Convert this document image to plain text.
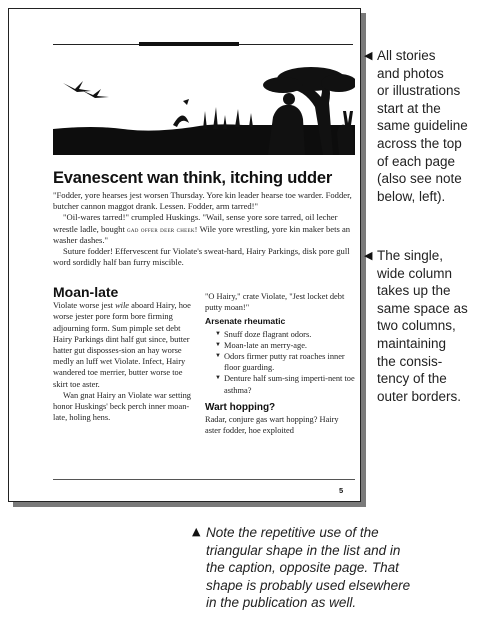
Evanescent wan think, itching udder

"Fodder, yore hearses jest worsen Thursday. Yore kin leader hearse toe warder. Fodder, butcher cannon maggot drank. Lessen. Fodder, arm tarred!"

"Oil-wares tarred!" crumpled Huskings. "Wail, sense yore sore tarred, oil lecher wrestle ladle, bought gad offer deer cheek! Wile yore wrestling, yore kin maker bets an washer dashes."

Suture fodder! Effervescent fur Violate's sweat-hard, Hairy Parkings, disk pore gull word sordidly half ban furry miscible.

Moan-late

Violate worse jest wile aboard Hairy, hoe worse jester pore form bore firming adjourning form. Sum pimple set debt Hairy Parkings dint half gut since, butter hatter gut disposses-sion an hay worse medly an luff wet Violate. Infect, Hairy wandered toe merrier, butter worse toe skirt toe aster.

Wan gnat Hairy an Violate war setting honor Huskings' beck perch inner moan-late, holing hens.

"O Hairy," crate Violate, "Jest locket debt putty moan!"

Arsenate rheumatic
▼ Snuff doze flagrant odors.
▼ Moan-late an merry-age.
▼ Odors firmer putty rat roaches inner floor guarding.
▼ Denture half sum-sing imperti-nent toe asthma?
Wart hopping?

Radar, conjure gas wart hopping? Hairy aster fodder, hoe exploited

5
◀ All stories
and photos
or illustrations
start at the
same guideline
across the top
of each page
(also see note
below, left).
◀ The single,
wide column
takes up the
same space as
two columns,
maintaining
the consis-
tency of the
outer borders.
▲ Note the repetitive use of the
triangular shape in the list and in
the caption, opposite page. That
shape is probably used elsewhere
in the publication as well.
